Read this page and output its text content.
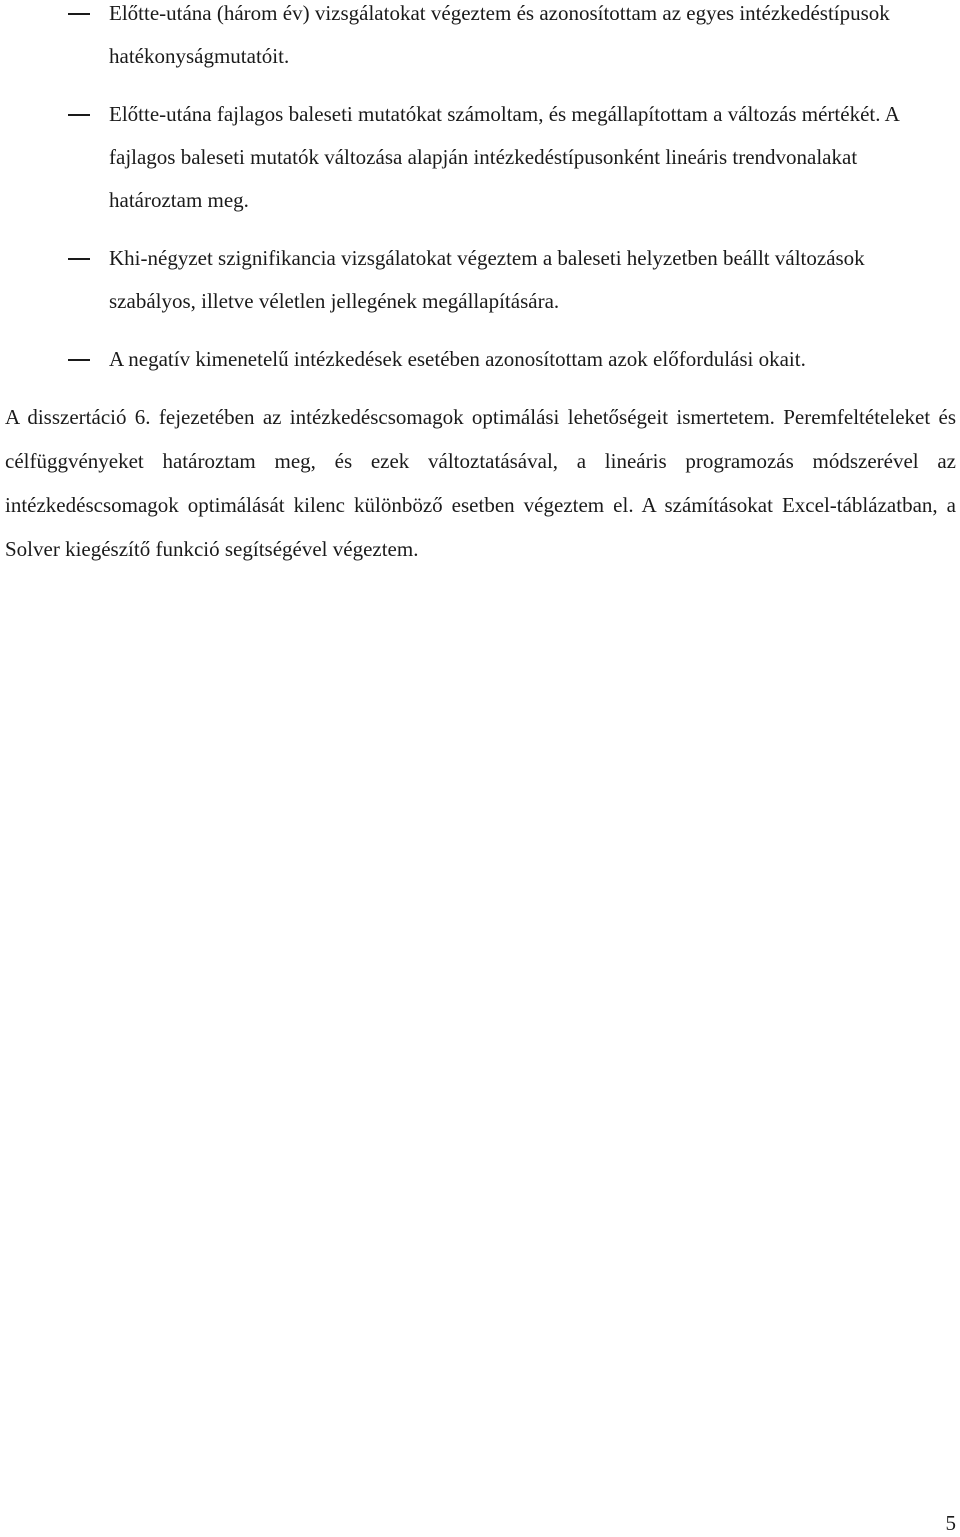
Előtte-utána (három év) vizsgálatokat végeztem és azonosítottam az egyes intézkedéstípusok hatékonyságmutatóit.
Előtte-utána fajlagos baleseti mutatókat számoltam, és megállapítottam a változás mértékét. A fajlagos baleseti mutatók változása alapján intézkedéstípusonként lineáris trendvonalakat határoztam meg.
Khi-négyzet szignifikancia vizsgálatokat végeztem a baleseti helyzetben beállt változások szabályos, illetve véletlen jellegének megállapítására.
A negatív kimenetelű intézkedések esetében azonosítottam azok előfordulási okait.

A disszertáció 6. fejezetében az intézkedéscsomagok optimálási lehetőségeit ismertetem. Peremfeltételeket és célfüggvényeket határoztam meg, és ezek változtatásával, a lineáris programozás módszerével az intézkedéscsomagok optimálását kilenc különböző esetben végeztem el. A számításokat Excel-táblázatban, a Solver kiegészítő funkció segítségével végeztem.

5
